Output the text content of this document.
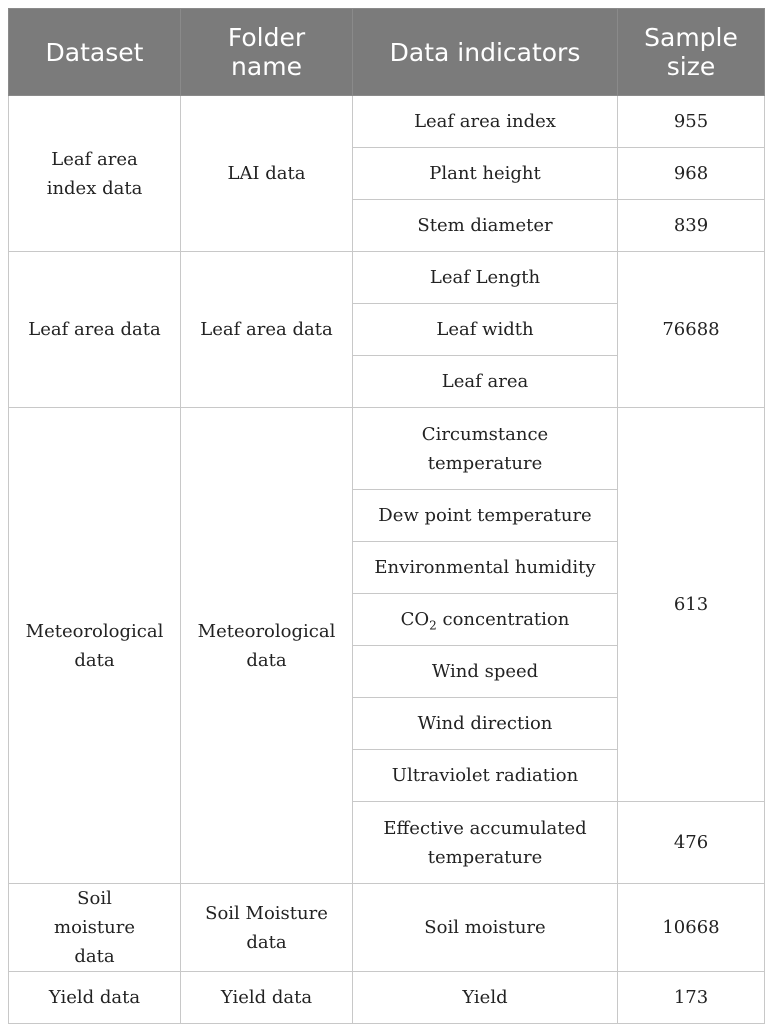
Dataset	Folder name	Data indicators	Sample size
Leaf area index data	LAI data	Leaf area index	955
		Plant height	968
		Stem diameter	839
Leaf area data	Leaf area data	Leaf Length	76688
		Leaf width	
		Leaf area	
Meteorological data	Meteorological data	Circumstance temperature	613
		Dew point temperature	
		Environmental humidity	
		$CO_2$ concentration	
		Wind speed	
		Wind direction	
		Ultraviolet radiation	
		Effective accumulated temperature	476
Soil moisture data	Soil Moisture data	Soil moisture	10668
Yield data	Yield data	Yield	173
